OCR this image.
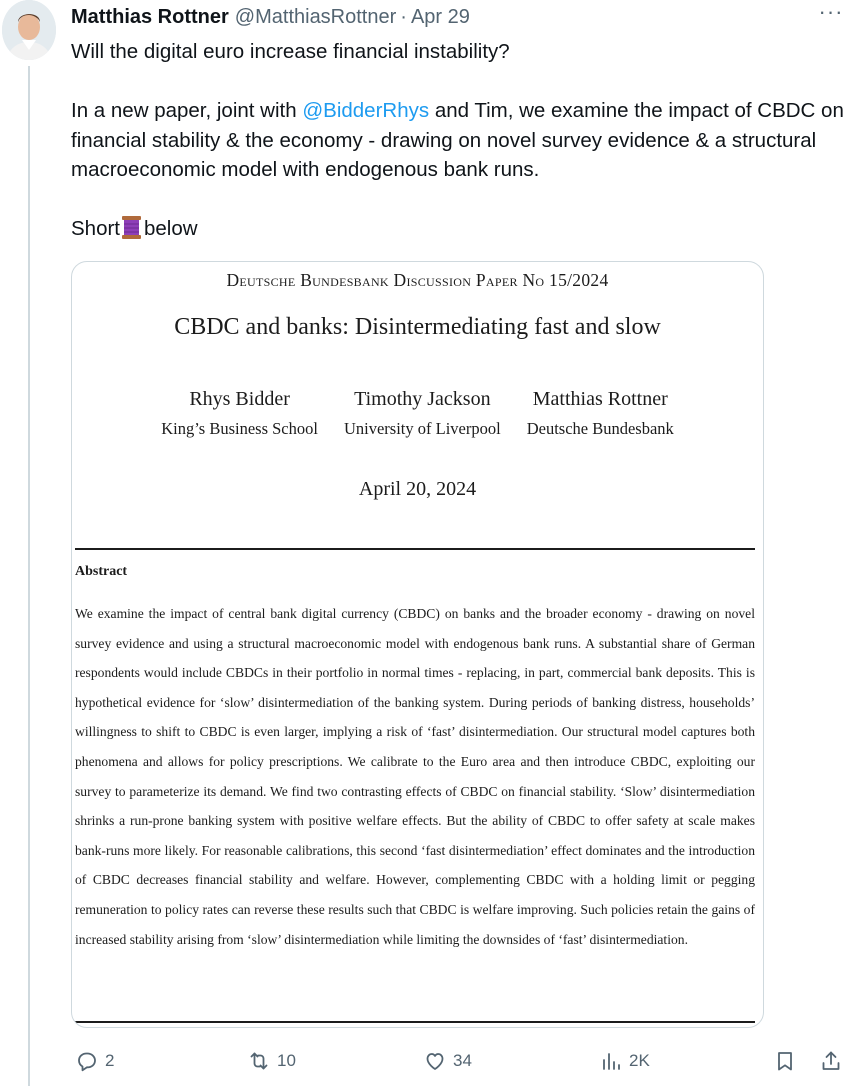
Matthias Rottner @MatthiasRottner · Apr 29	···

Will the digital euro increase financial instability?

In a new paper, joint with @BidderRhys and Tim, we examine the impact of CBDC on financial stability & the economy - drawing on novel survey evidence & a structural macroeconomic model with endogenous bank runs.

Short below

Deutsche Bundesbank Discussion Paper No 15/2024
CBDC and banks: Disintermediating fast and slow
Rhys Bidder
King’s Business School
Timothy Jackson
University of Liverpool
Matthias Rottner
Deutsche Bundesbank
April 20, 2024
Abstract
We examine the impact of central bank digital currency (CBDC) on banks and the broader economy - drawing on novel survey evidence and using a structural macroeconomic model with endogenous bank runs. A substantial share of German respondents would include CBDCs in their portfolio in normal times - replacing, in part, commercial bank deposits. This is hypothetical evidence for ‘slow’ disintermediation of the banking system. During periods of banking distress, households’ willingness to shift to CBDC is even larger, implying a risk of ‘fast’ disintermediation. Our structural model captures both phenomena and allows for policy prescriptions. We calibrate to the Euro area and then introduce CBDC, exploiting our survey to parameterize its demand. We find two contrasting effects of CBDC on financial stability. ‘Slow’ disintermediation shrinks a run-prone banking system with positive welfare effects. But the ability of CBDC to offer safety at scale makes bank-runs more likely. For reasonable calibrations, this second ‘fast disintermediation’ effect dominates and the introduction of CBDC decreases financial stability and welfare. However, complementing CBDC with a holding limit or pegging remuneration to policy rates can reverse these results such that CBDC is welfare improving. Such policies retain the gains of increased stability arising from ‘slow’ disintermediation while limiting the downsides of ‘fast’ disintermediation.
2	10	34	2K
